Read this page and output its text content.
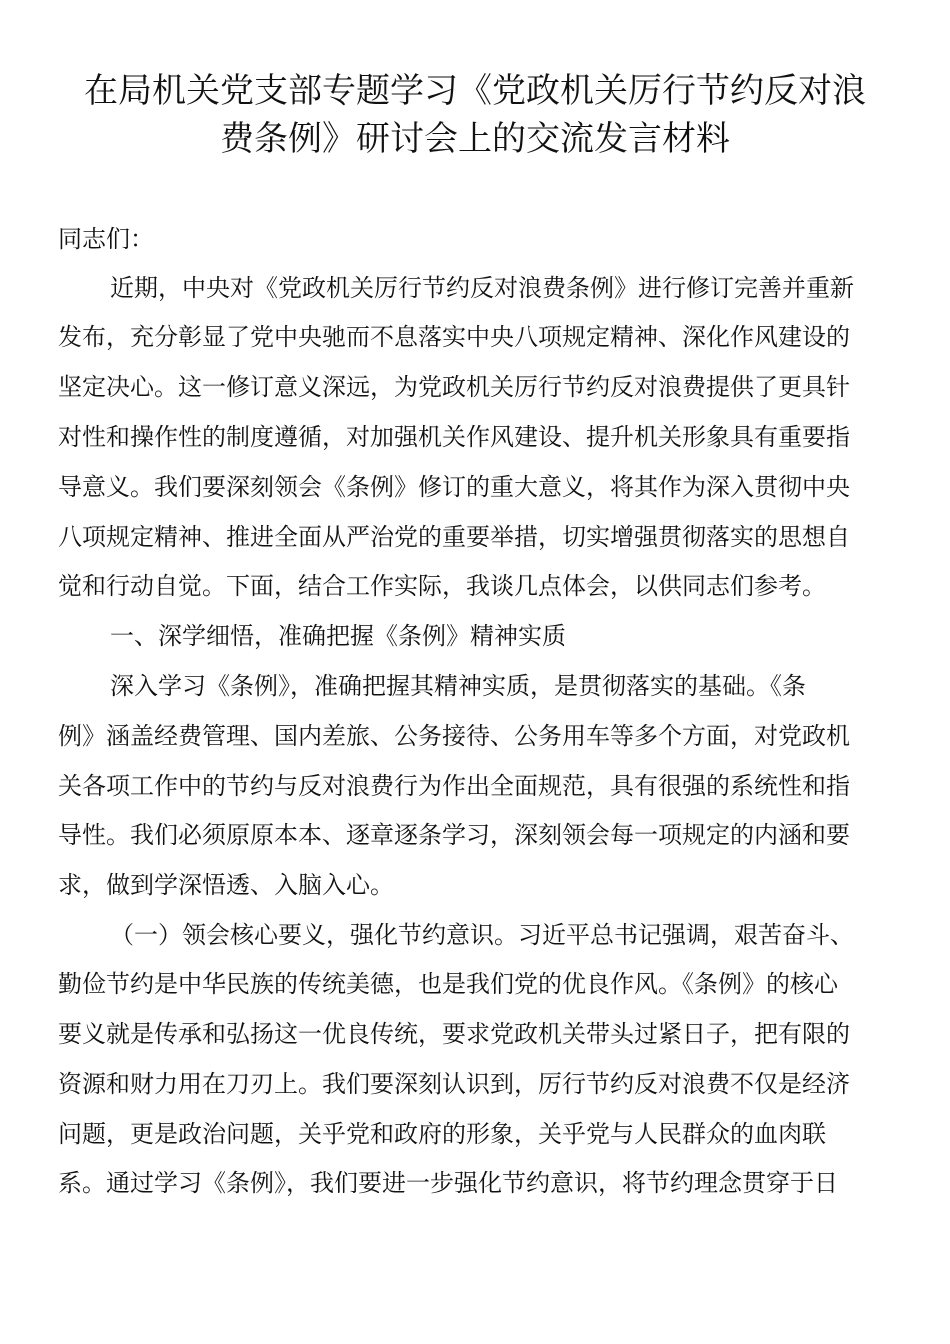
在局机关党支部专题学习《党政机关厉行节约反对浪
费条例》研讨会上的交流发言材料

同志们：

近期，中央对《党政机关厉行节约反对浪费条例》进行修订完善并重新

发布，充分彰显了党中央驰而不息落实中央八项规定精神、深化作风建设的

坚定决心。这一修订意义深远，为党政机关厉行节约反对浪费提供了更具针

对性和操作性的制度遵循，对加强机关作风建设、提升机关形象具有重要指

导意义。我们要深刻领会《条例》修订的重大意义，将其作为深入贯彻中央

八项规定精神、推进全面从严治党的重要举措，切实增强贯彻落实的思想自

觉和行动自觉。下面，结合工作实际，我谈几点体会，以供同志们参考。

一、深学细悟，准确把握《条例》精神实质

深入学习《条例》，准确把握其精神实质，是贯彻落实的基础。《条

例》涵盖经费管理、国内差旅、公务接待、公务用车等多个方面，对党政机

关各项工作中的节约与反对浪费行为作出全面规范，具有很强的系统性和指

导性。我们必须原原本本、逐章逐条学习，深刻领会每一项规定的内涵和要

求，做到学深悟透、入脑入心。

（一）领会核心要义，强化节约意识。习近平总书记强调，艰苦奋斗、

勤俭节约是中华民族的传统美德，也是我们党的优良作风。《条例》的核心

要义就是传承和弘扬这一优良传统，要求党政机关带头过紧日子，把有限的

资源和财力用在刀刃上。我们要深刻认识到，厉行节约反对浪费不仅是经济

问题，更是政治问题，关乎党和政府的形象，关乎党与人民群众的血肉联

系。通过学习《条例》，我们要进一步强化节约意识，将节约理念贯穿于日
